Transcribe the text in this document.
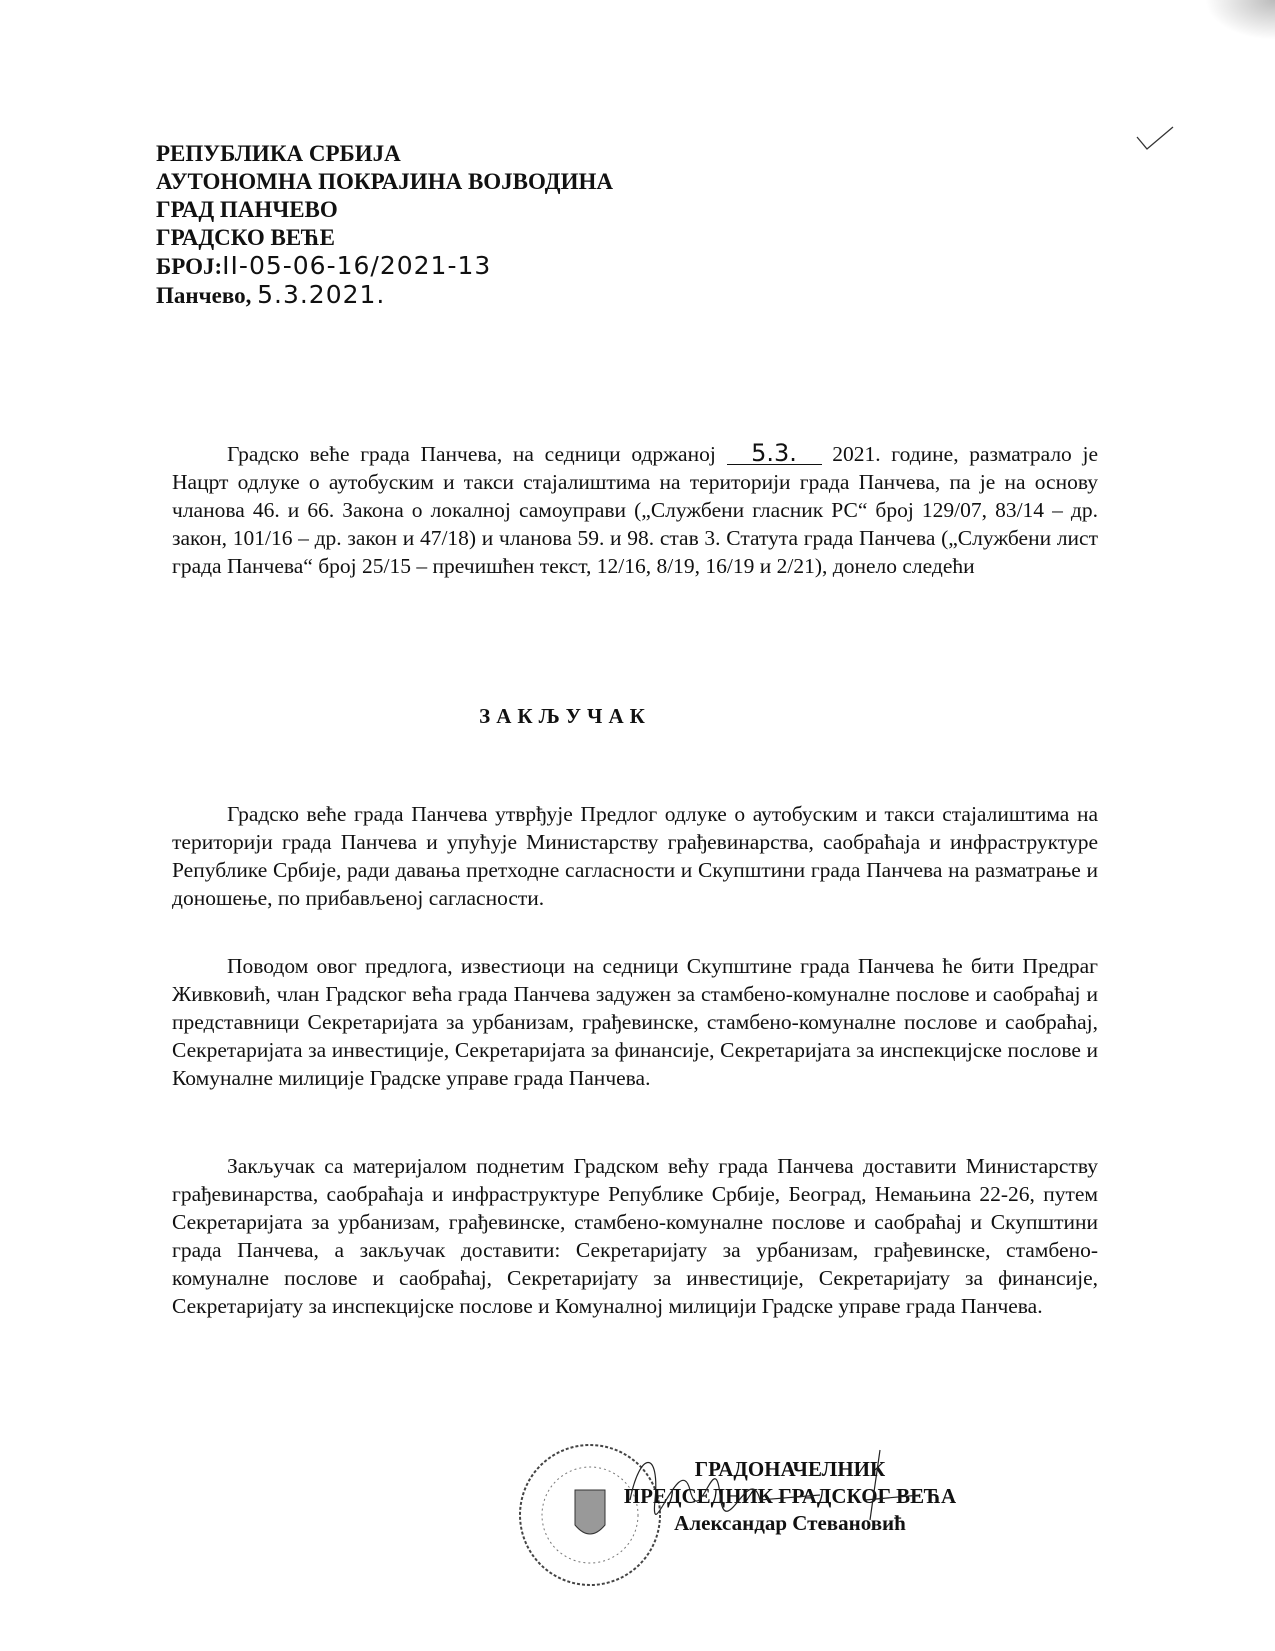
РЕПУБЛИКА СРБИЈА
АУТОНОМНА ПОКРАЈИНА ВОЈВОДИНА
ГРАД ПАНЧЕВО
ГРАДСКО ВЕЋЕ
БРОЈ:II-05-06-16/2021-13
Панчево, 5.3.2021.
Градско веће града Панчева, на седници одржаној 5.3. 2021. године, разматрало је Нацрт одлуке о аутобуским и такси стајалиштима на територији града Панчева, па је на основу чланова 46. и 66. Закона о локалној самоуправи („Службени гласник РС“ број 129/07, 83/14 – др. закон, 101/16 – др. закон и 47/18) и чланова 59. и 98. став 3. Статута града Панчева („Службени лист града Панчева“ број 25/15 – пречишћен текст, 12/16, 8/19, 16/19 и 2/21), донело следећи
ЗАКЉУЧАК
Градско веће града Панчева утврђује Предлог одлуке о аутобуским и такси стајалиштима на територији града Панчева и упућује Министарству грађевинарства, саобраћаја и инфраструктуре Републике Србије, ради давања претходне сагласности и Скупштини града Панчева на разматрање и доношење, по прибављеној сагласности.
Поводом овог предлога, известиоци на седници Скупштине града Панчева ће бити Предраг Живковић, члан Градског већа града Панчева задужен за стамбено-комуналне послове и саобраћај и представници Секретаријата за урбанизам, грађевинске, стамбено-комуналне послове и саобраћај, Секретаријата за инвестиције, Секретаријата за финансије, Секретаријата за инспекцијске послове и Комуналне милиције Градске управе града Панчева.
Закључак са материјалом поднетим Градском већу града Панчева доставити Министарству грађевинарства, саобраћаја и инфраструктуре Републике Србије, Београд, Немањина 22-26, путем Секретаријата за урбанизам, грађевинске, стамбено-комуналне послове и саобраћај и Скупштини града Панчева, а закључак доставити: Секретаријату за урбанизам, грађевинске, стамбено-комуналне послове и саобраћај, Секретаријату за инвестиције, Секретаријату за финансије, Секретаријату за инспекцијске послове и Комуналној милицији Градске управе града Панчева.
ГРАДОНАЧЕЛНИК
ПРЕДСЕДНИК ГРАДСКОГ ВЕЋА
Александар Стевановић
